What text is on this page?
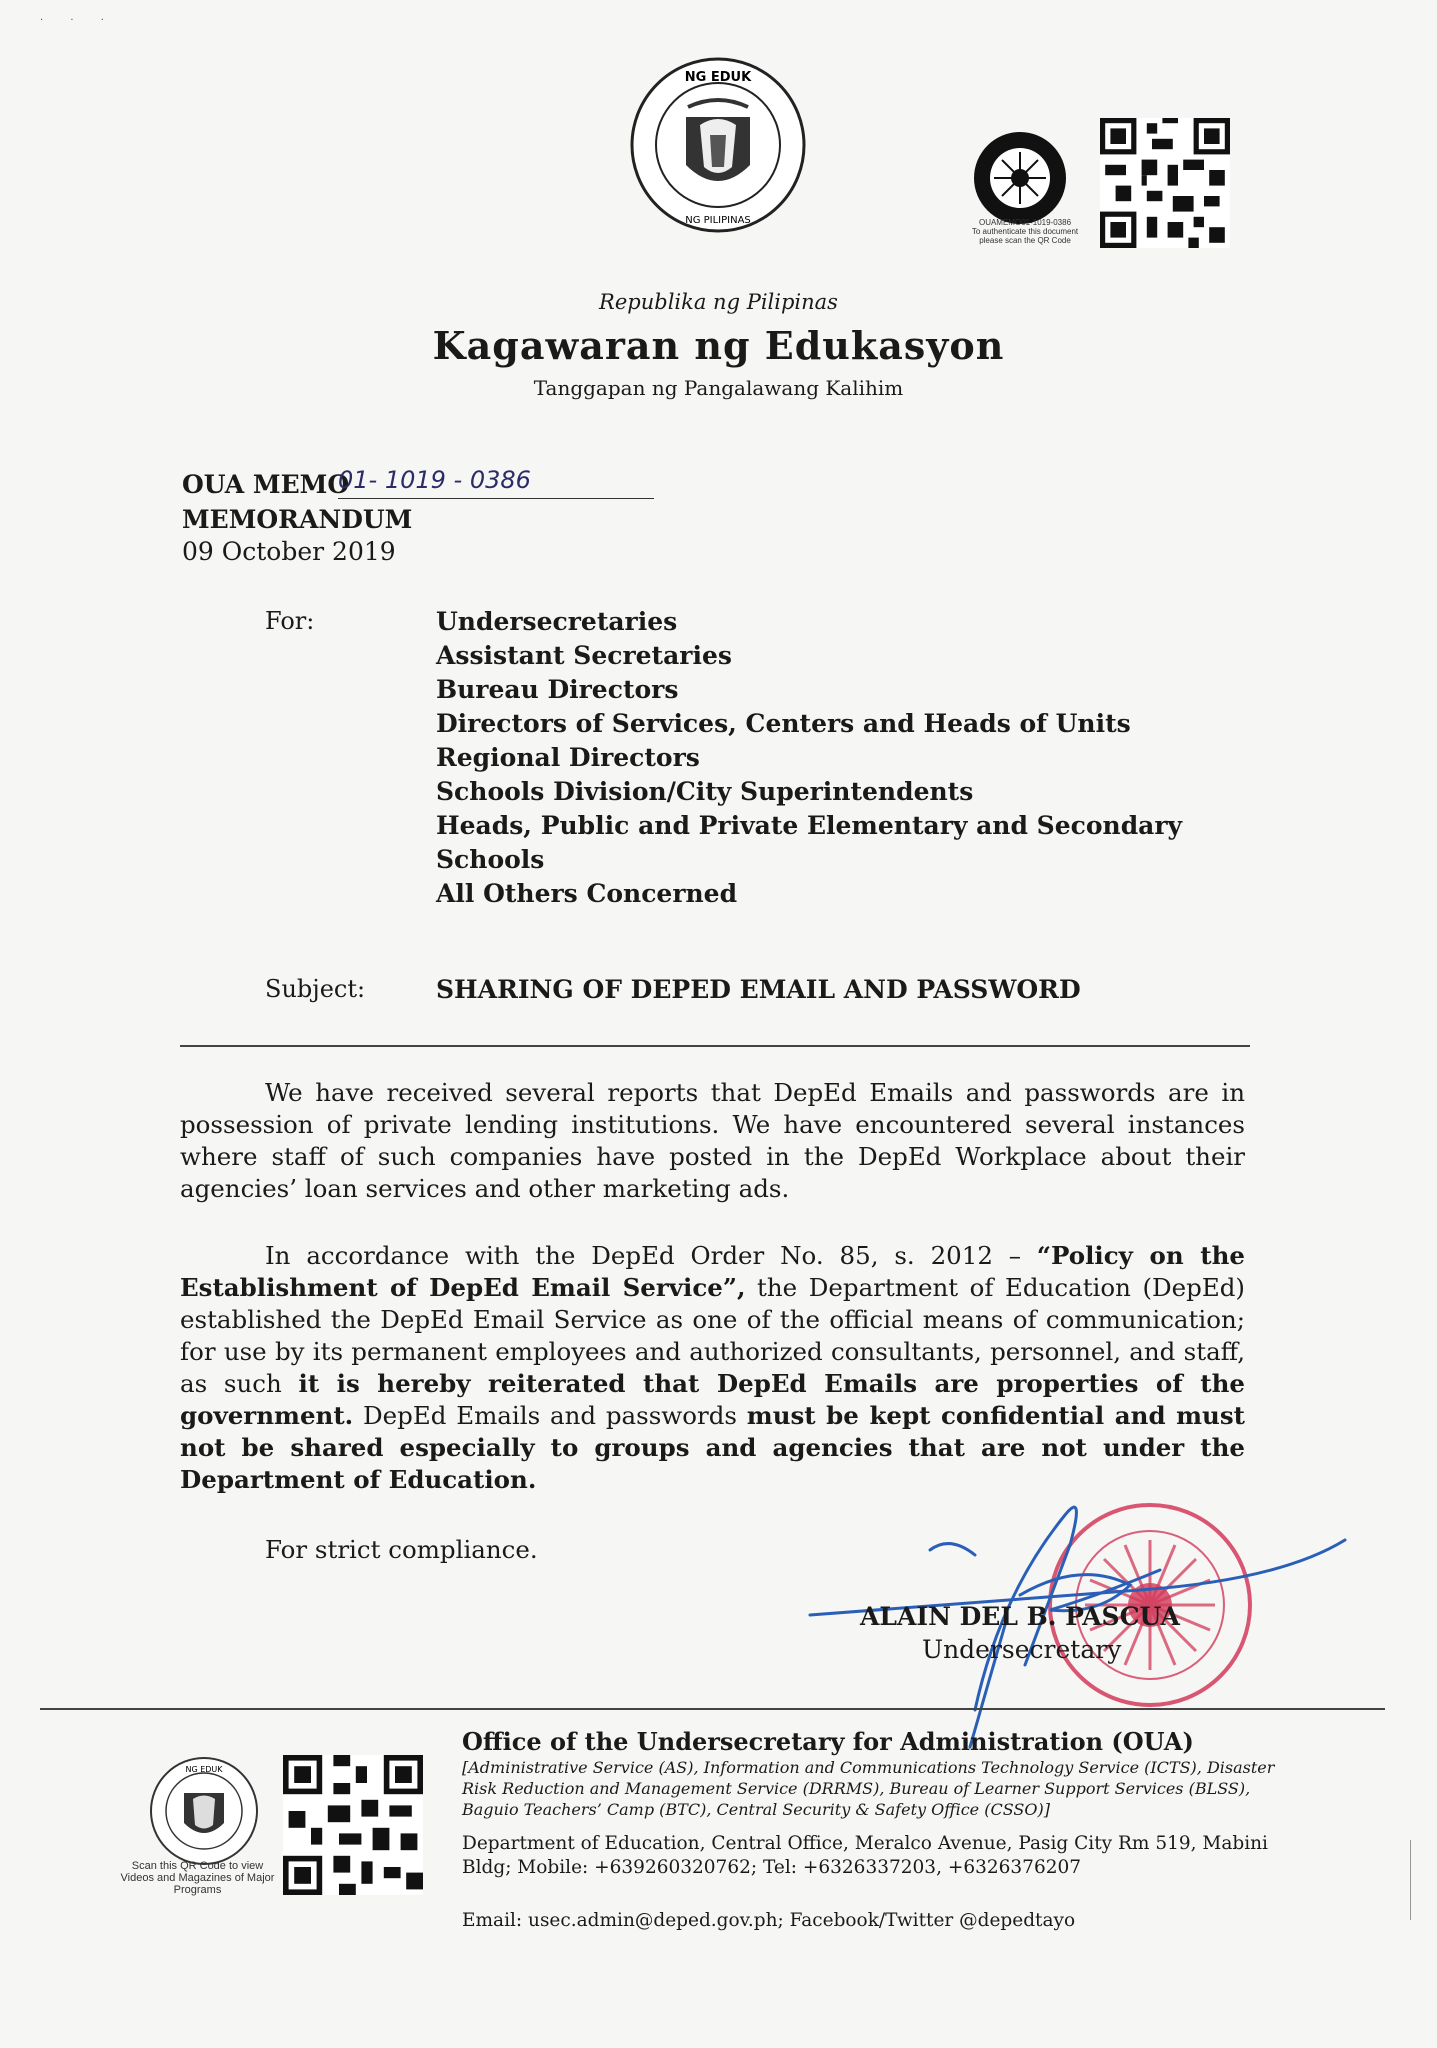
· · ·
NG EDUK
NG PILIPINAS	OUAMEMO01-1019-0386
To authenticate this document
please scan the QR Code
Republika ng Pilipinas
Kagawaran ng Edukasyon
Tanggapan ng Pangalawang Kalihim
OUA MEMO
01- 1019 - 0386
MEMORANDUM
09 October 2019
For:	Undersecretaries
Assistant Secretaries
Bureau Directors
Directors of Services, Centers and Heads of Units
Regional Directors
Schools Division/City Superintendents
Heads, Public and Private Elementary and Secondary
Schools
All Others Concerned
Subject:	SHARING OF DEPED EMAIL AND PASSWORD

We have received several reports that DepEd Emails and passwords are in possession of private lending institutions. We have encountered several instances where staff of such companies have posted in the DepEd Workplace about their agencies’ loan services and other marketing ads.

In accordance with the DepEd Order No. 85, s. 2012 – “Policy on the Establishment of DepEd Email Service”, the Department of Education (DepEd) established the DepEd Email Service as one of the official means of communication; for use by its permanent employees and authorized consultants, personnel, and staff, as such it is hereby reiterated that DepEd Emails are properties of the government. DepEd Emails and passwords must be kept confidential and must not be shared especially to groups and agencies that are not under the Department of Education.

For strict compliance.
ALAIN DEL B. PASCUA
Undersecretary
NG EDUK
Scan this QR Code to view Videos and Magazines of Major Programs
Office of the Undersecretary for Administration (OUA)
[Administrative Service (AS), Information and Communications Technology Service (ICTS), Disaster Risk Reduction and Management Service (DRRMS), Bureau of Learner Support Services (BLSS), Baguio Teachers’ Camp (BTC), Central Security & Safety Office (CSSO)]
Department of Education, Central Office, Meralco Avenue, Pasig City Rm 519, Mabini Bldg; Mobile: +639260320762; Tel: +6326337203, +6326376207
Email: usec.admin@deped.gov.ph; Facebook/Twitter @depedtayo
